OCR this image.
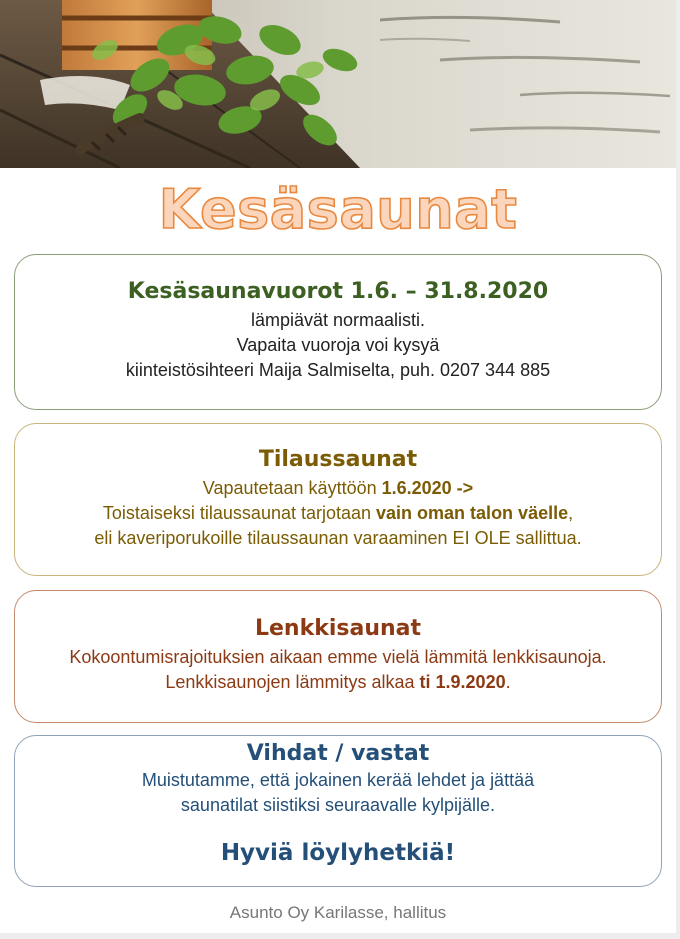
Kesäsaunat
Kesäsaunavuorot 1.6. – 31.8.2020
lämpiävät normaalisti.
Vapaita vuoroja voi kysyä
kiinteistösihteeri Maija Salmiselta, puh. 0207 344 885
Tilaussaunat
Vapautetaan käyttöön 1.6.2020 ->
Toistaiseksi tilaussaunat tarjotaan vain oman talon väelle,
eli kaveriporukoille tilaussaunan varaaminen EI OLE sallittua.
Lenkkisaunat
Kokoontumisrajoituksien aikaan emme vielä lämmitä lenkkisaunoja.
Lenkkisaunojen lämmitys alkaa ti 1.9.2020.
Vihdat / vastat
Muistutamme, että jokainen kerää lehdet ja jättää
saunatilat siistiksi seuraavalle kylpijälle.
Hyviä löylyhetkiä!
Asunto Oy Karilasse, hallitus
